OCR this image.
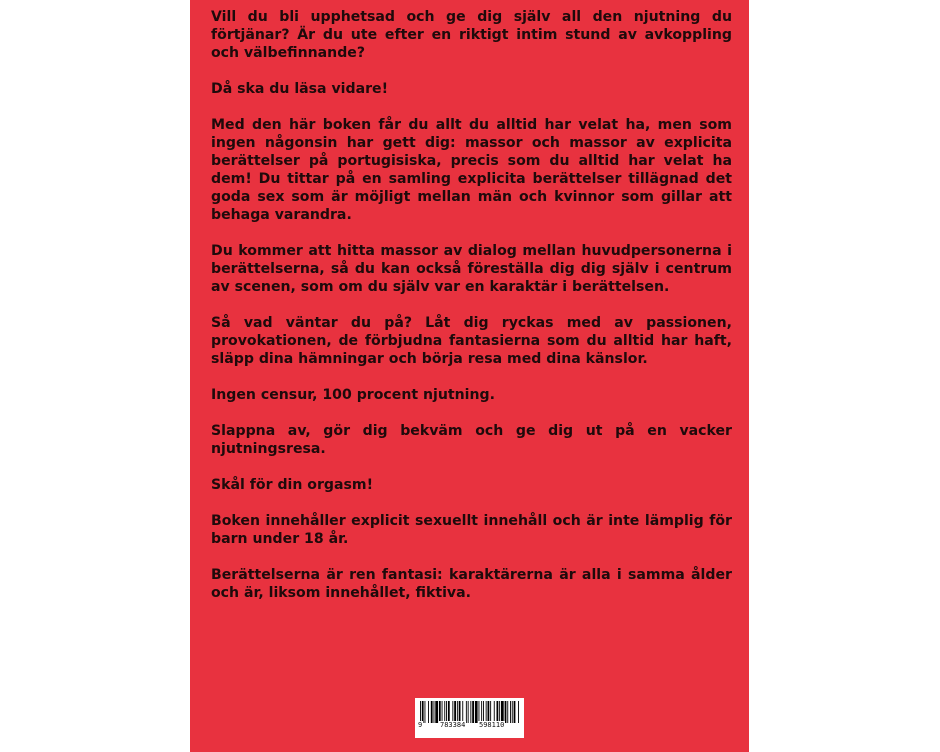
Vill du bli upphetsad och ge dig själv all den njutning du förtjänar? Är du ute efter en riktigt intim stund av avkoppling och välbefinnande?

Då ska du läsa vidare!

Med den här boken får du allt du alltid har velat ha, men som ingen någonsin har gett dig: massor och massor av explicita berättelser på portugisiska, precis som du alltid har velat ha dem! Du tittar på en samling explicita berättelser tillägnad det goda sex som är möjligt mellan män och kvinnor som gillar att behaga varandra.

Du kommer att hitta massor av dialog mellan huvudpersonerna i berättelserna, så du kan också föreställa dig dig själv i centrum av scenen, som om du själv var en karaktär i berättelsen.

Så vad väntar du på? Låt dig ryckas med av passionen, provokationen, de förbjudna fantasierna som du alltid har haft, släpp dina hämningar och börja resa med dina känslor.

Ingen censur, 100 procent njutning.

Slappna av, gör dig bekväm och ge dig ut på en vacker njutningsresa.

Skål för din orgasm!

Boken innehåller explicit sexuellt innehåll och är inte lämplig för barn under 18 år.

Berättelserna är ren fantasi: karaktärerna är alla i samma ålder och är, liksom innehållet, fiktiva.

9	783384 598110
